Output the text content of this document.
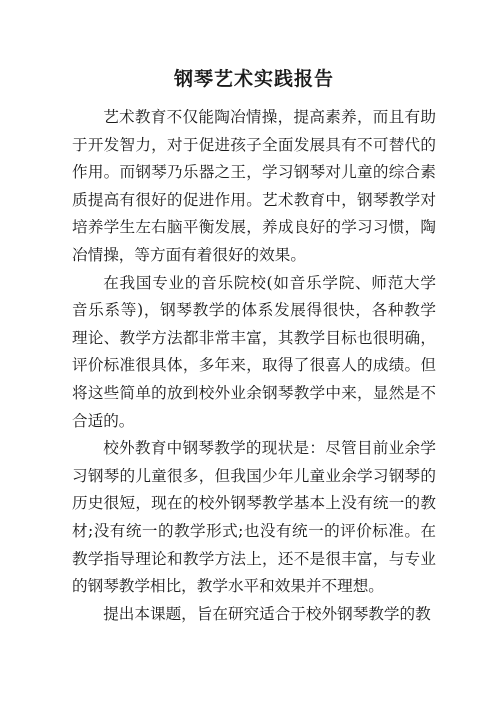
钢琴艺术实践报告

艺术教育不仅能陶冶情操，提高素养，而且有助于开发智力，对于促进孩子全面发展具有不可替代的作用。而钢琴乃乐器之王，学习钢琴对儿童的综合素质提高有很好的促进作用。艺术教育中，钢琴教学对培养学生左右脑平衡发展，养成良好的学习习惯，陶冶情操，等方面有着很好的效果。

在我国专业的音乐院校(如音乐学院、师范大学音乐系等)，钢琴教学的体系发展得很快，各种教学理论、教学方法都非常丰富，其教学目标也很明确，评价标准很具体，多年来，取得了很喜人的成绩。但将这些简单的放到校外业余钢琴教学中来，显然是不合适的。

校外教育中钢琴教学的现状是：尽管目前业余学习钢琴的儿童很多，但我国少年儿童业余学习钢琴的历史很短，现在的校外钢琴教学基本上没有统一的教材;没有统一的教学形式;也没有统一的评价标准。在教学指导理论和教学方法上，还不是很丰富，与专业的钢琴教学相比，教学水平和效果并不理想。

提出本课题，旨在研究适合于校外钢琴教学的教
